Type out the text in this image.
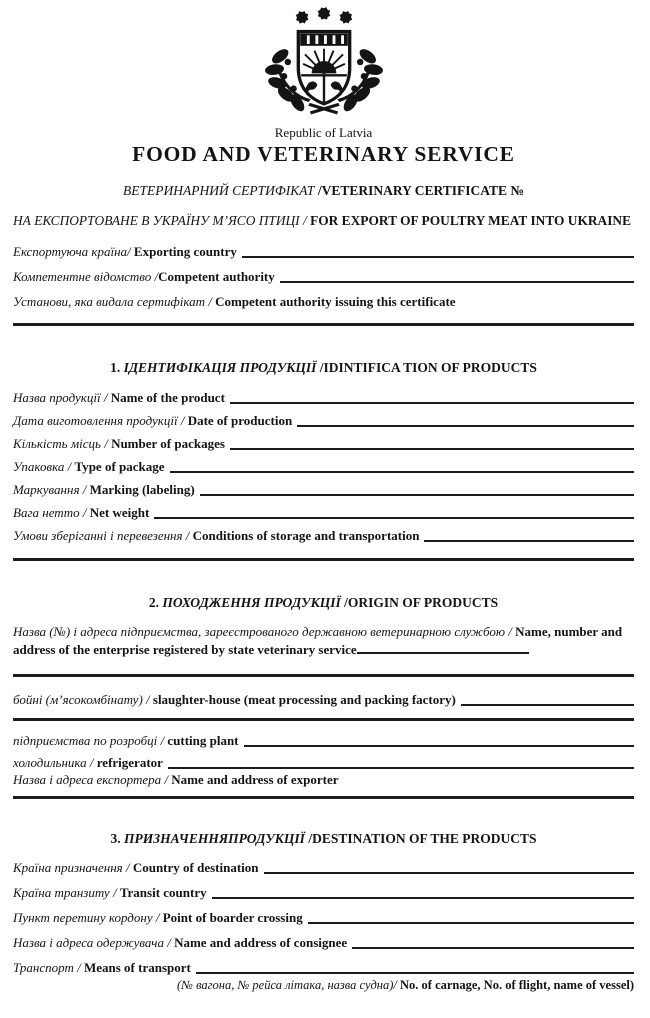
Republic of Latvia
FOOD AND VETERINARY SERVICE
ВЕТЕРИНАРНИЙ СЕРТИФІКАТ /VETERINARY CERTIFICATE №
НА ЕКСПОРТОВАНЕ В УКРАЇНУ М’ЯСО ПТИЦІ / FOR EXPORT OF POULTRY MEAT INTO UKRAINE
Експортуюча країна/ Exporting country
Компетентне відомство /Competent authority
Установи, яка видала сертифікат / Competent authority issuing this certificate
1. ІДЕНТИФІКАЦІЯ ПРОДУКЦІЇ /IDINTIFICA TION OF PRODUCTS
Назва продукції / Name of the product
Дата виготовлення продукції / Date of production
Кількість місць / Number of packages
Упаковка / Type of package
Маркування / Marking (labeling)
Вага нетто / Net weight
Умови зберіганні і перевезення / Conditions of storage and transportation
2. ПОХОДЖЕННЯ ПРОДУКЦІЇ /ORIGIN OF PRODUCTS
Назва (№) і адреса підприємства, зареєстрованого державною ветеринарною службою / Name, number and address of the enterprise registered by state veterinary service
бойні (м’ясокомбінату) / slaughter-house (meat processing and packing factory)
підприємства по розробці / cutting plant
холодильника / refrigerator
Назва і адреса експортера / Name and address of exporter
3. ПРИЗНАЧЕННЯПРОДУКЦІЇ /DESTINATION OF THE PRODUCTS
Країна призначення / Country of destination
Країна транзиту / Transit country
Пункт перетину кордону / Point of boarder crossing
Назва і адреса одержувача / Name and address of consignee
Транспорт / Means of transport
(№ вагона, № рейса літака, назва судна)/ No. of carnage, No. of flight, name of vessel)
